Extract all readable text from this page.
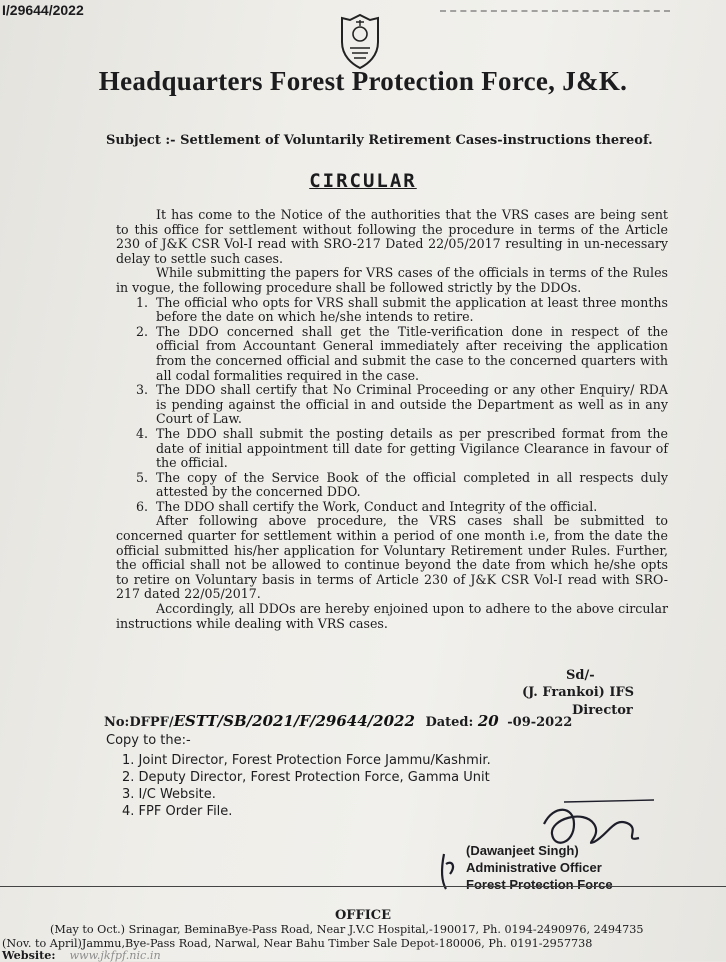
I/29644/2022
Headquarters Forest Protection Force, J&K.
Subject :- Settlement of Voluntarily Retirement Cases-instructions thereof.
CIRCULAR

It has come to the Notice of the authorities that the VRS cases are being sent to this office for settlement without following the procedure in terms of the Article 230 of J&K CSR Vol-I read with SRO-217 Dated 22/05/2017 resulting in un-necessary delay to settle such cases.

While submitting the papers for VRS cases of the officials in terms of the Rules in vogue, the following procedure shall be followed strictly by the DDOs.

1. The official who opts for VRS shall submit the application at least three months before the date on which he/she intends to retire.
2. The DDO concerned shall get the Title-verification done in respect of the official from Accountant General immediately after receiving the application from the concerned official and submit the case to the concerned quarters with all codal formalities required in the case.
3. The DDO shall certify that No Criminal Proceeding or any other Enquiry/ RDA is pending against the official in and outside the Department as well as in any Court of Law.
4. The DDO shall submit the posting details as per prescribed format from the date of initial appointment till date for getting Vigilance Clearance in favour of the official.
5. The copy of the Service Book of the official completed in all respects duly attested by the concerned DDO.
6. The DDO shall certify the Work, Conduct and Integrity of the official.

After following above procedure, the VRS cases shall be submitted to concerned quarter for settlement within a period of one month i.e, from the date the official submitted his/her application for Voluntary Retirement under Rules. Further, the official shall not be allowed to continue beyond the date from which he/she opts to retire on Voluntary basis in terms of Article 230 of J&K CSR Vol-I read with SRO-217 dated 22/05/2017.

Accordingly, all DDOs are hereby enjoined upon to adhere to the above circular instructions while dealing with VRS cases.

Sd/-
(J. Frankoi) IFS
Director
No:DFPF/ESTT/SB/2021/F/29644/2022 Dated: 20 -09-2022
Copy to the:-
1. Joint Director, Forest Protection Force Jammu/Kashmir.
2. Deputy Director, Forest Protection Force, Gamma Unit
3. I/C Website.
4. FPF Order File.
(Dawanjeet Singh)
Administrative Officer
Forest Protection Force
OFFICE
(May to Oct.) Srinagar, BeminaBye-Pass Road, Near J.V.C Hospital,-190017, Ph. 0194-2490976, 2494735
(Nov. to April)Jammu,Bye-Pass Road, Narwal, Near Bahu Timber Sale Depot-180006, Ph. 0191-2957738
Website: www.jkfpf.nic.in
